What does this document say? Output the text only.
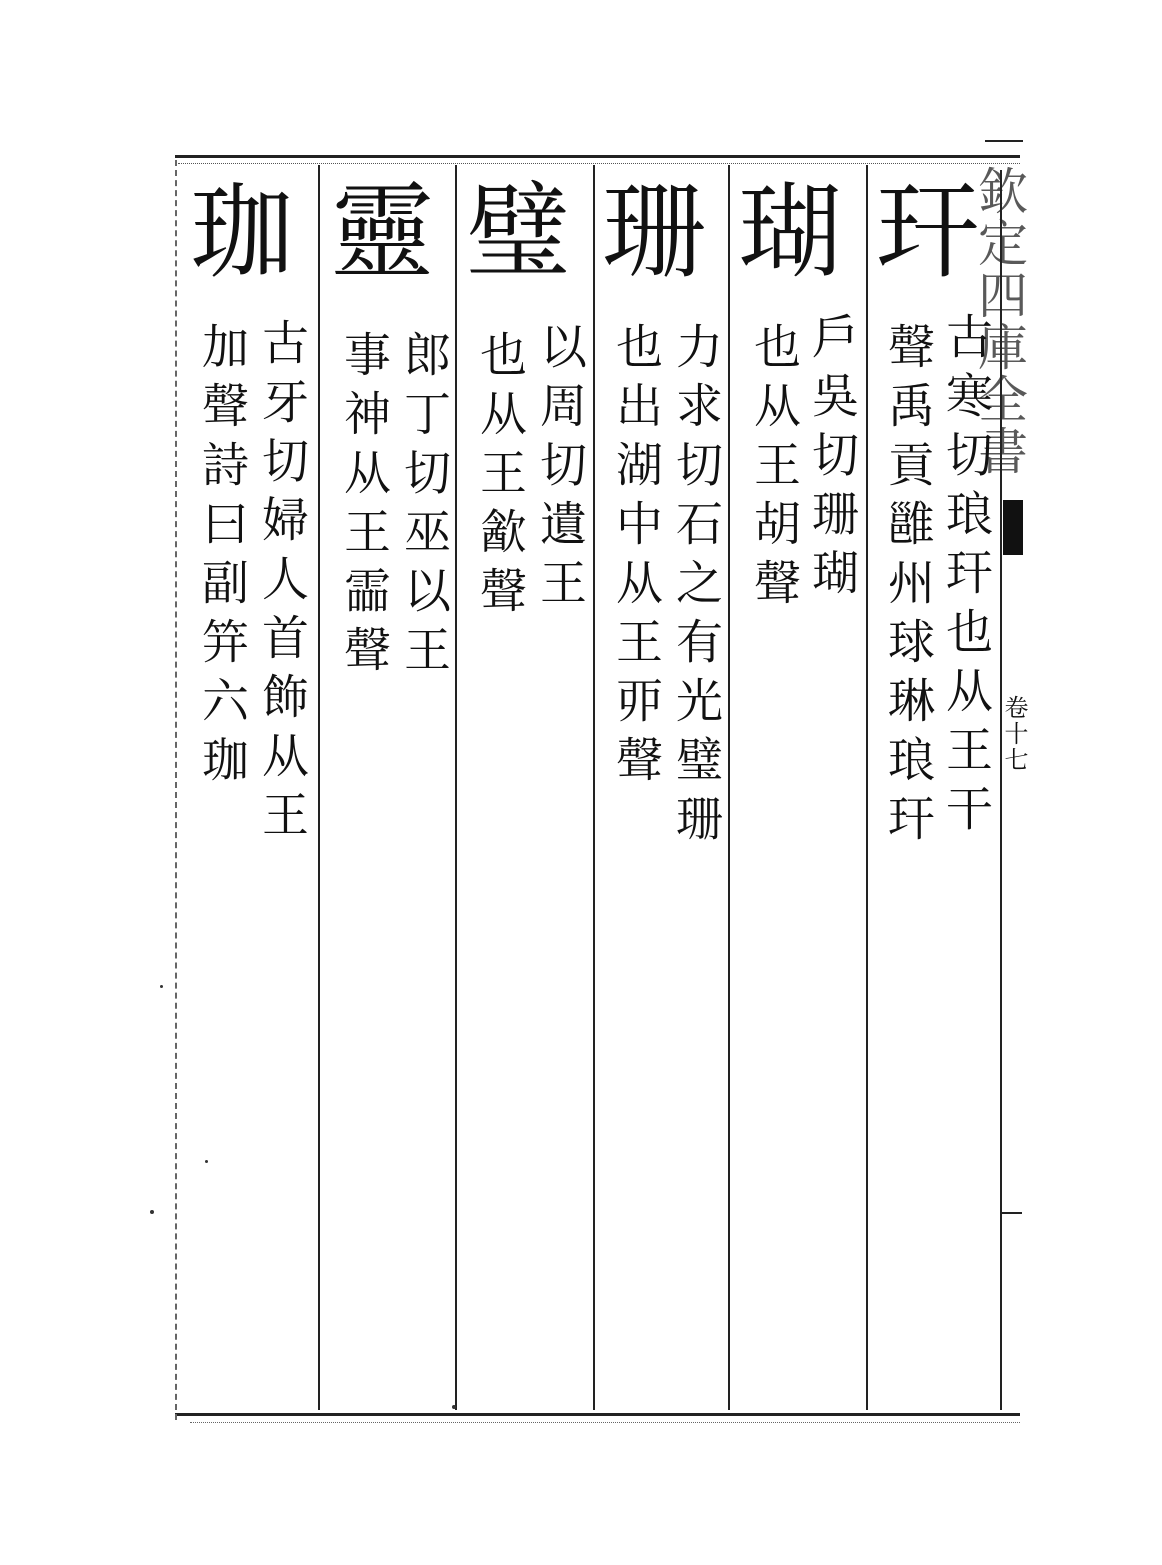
欽定四庫全書
卷十七
玕
古寒切琅玕也从王干
聲禹貢雝州球琳琅玕
瑚
戶吳切珊瑚
也从王胡聲
珊
力求切石之有光璧珊
也出湖中从王丣聲
璧
以周切遺王
也从王㱃聲
靈
郎丁切巫以王
事神从王霝聲
珈
古牙切婦人首飾从王
加聲詩曰副笄六珈
